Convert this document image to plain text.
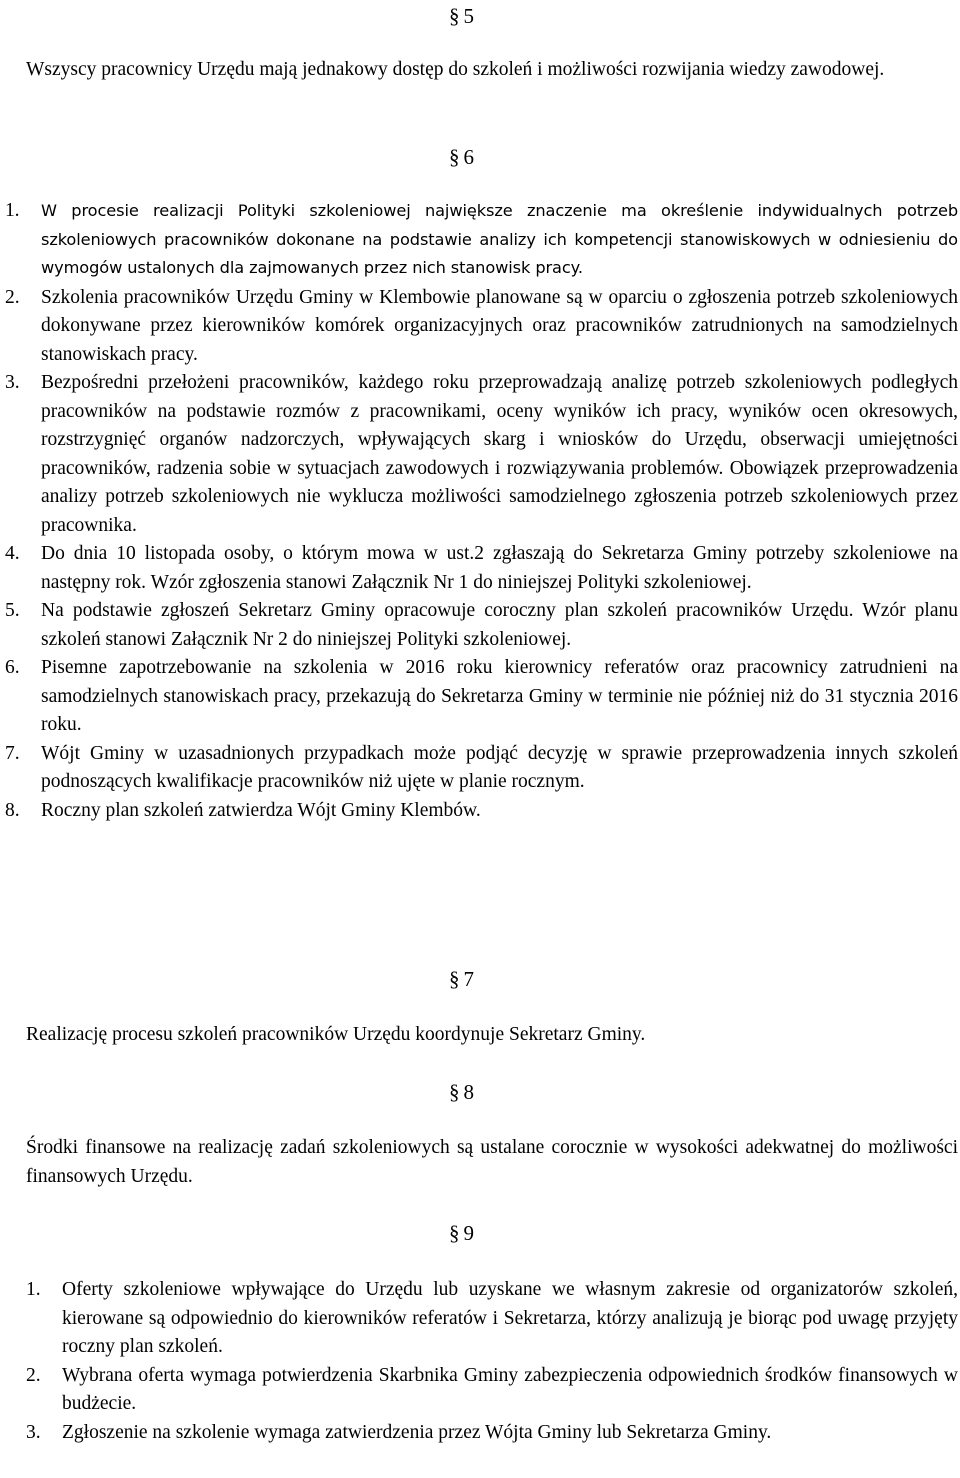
§ 5

Wszyscy pracownicy Urzędu mają jednakowy dostęp do szkoleń i możliwości rozwijania wiedzy zawodowej.

§ 6
1. W procesie realizacji Polityki szkoleniowej największe znaczenie ma określenie indywidualnych potrzeb szkoleniowych pracowników dokonane na podstawie analizy ich kompetencji stanowiskowych w odniesieniu do wymogów ustalonych dla zajmowanych przez nich stanowisk pracy.
2. Szkolenia pracowników Urzędu Gminy w Klembowie planowane są w oparciu o zgłoszenia potrzeb szkoleniowych dokonywane przez kierowników komórek organizacyjnych oraz pracowników zatrudnionych na samodzielnych stanowiskach pracy.
3. Bezpośredni przełożeni pracowników, każdego roku przeprowadzają analizę potrzeb szkoleniowych podległych pracowników na podstawie rozmów z pracownikami, oceny wyników ich pracy, wyników ocen okresowych, rozstrzygnięć organów nadzorczych, wpływających skarg i wniosków do Urzędu, obserwacji umiejętności pracowników, radzenia sobie w sytuacjach zawodowych i rozwiązywania problemów. Obowiązek przeprowadzenia analizy potrzeb szkoleniowych nie wyklucza możliwości samodzielnego zgłoszenia potrzeb szkoleniowych przez pracownika.
4. Do dnia 10 listopada osoby, o którym mowa w ust.2 zgłaszają do Sekretarza Gminy potrzeby szkoleniowe na następny rok. Wzór zgłoszenia stanowi Załącznik Nr 1 do niniejszej Polityki szkoleniowej.
5. Na podstawie zgłoszeń Sekretarz Gminy opracowuje coroczny plan szkoleń pracowników Urzędu. Wzór planu szkoleń stanowi Załącznik Nr 2 do niniejszej Polityki szkoleniowej.
6. Pisemne zapotrzebowanie na szkolenia w 2016 roku kierownicy referatów oraz pracownicy zatrudnieni na samodzielnych stanowiskach pracy, przekazują do Sekretarza Gminy w terminie nie później niż do 31 stycznia 2016 roku.
7. Wójt Gminy w uzasadnionych przypadkach może podjąć decyzję w sprawie przeprowadzenia innych szkoleń podnoszących kwalifikacje pracowników niż ujęte w planie rocznym.
8. Roczny plan szkoleń zatwierdza Wójt Gminy Klembów.
§ 7

Realizację procesu szkoleń pracowników Urzędu koordynuje Sekretarz Gminy.

§ 8

Środki finansowe na realizację zadań szkoleniowych są ustalane corocznie w wysokości adekwatnej do możliwości finansowych Urzędu.

§ 9
1. Oferty szkoleniowe wpływające do Urzędu lub uzyskane we własnym zakresie od organizatorów szkoleń, kierowane są odpowiednio do kierowników referatów i Sekretarza, którzy analizują je biorąc pod uwagę przyjęty roczny plan szkoleń.
2. Wybrana oferta wymaga potwierdzenia Skarbnika Gminy zabezpieczenia odpowiednich środków finansowych w budżecie.
3. Zgłoszenie na szkolenie wymaga zatwierdzenia przez Wójta Gminy lub Sekretarza Gminy.
